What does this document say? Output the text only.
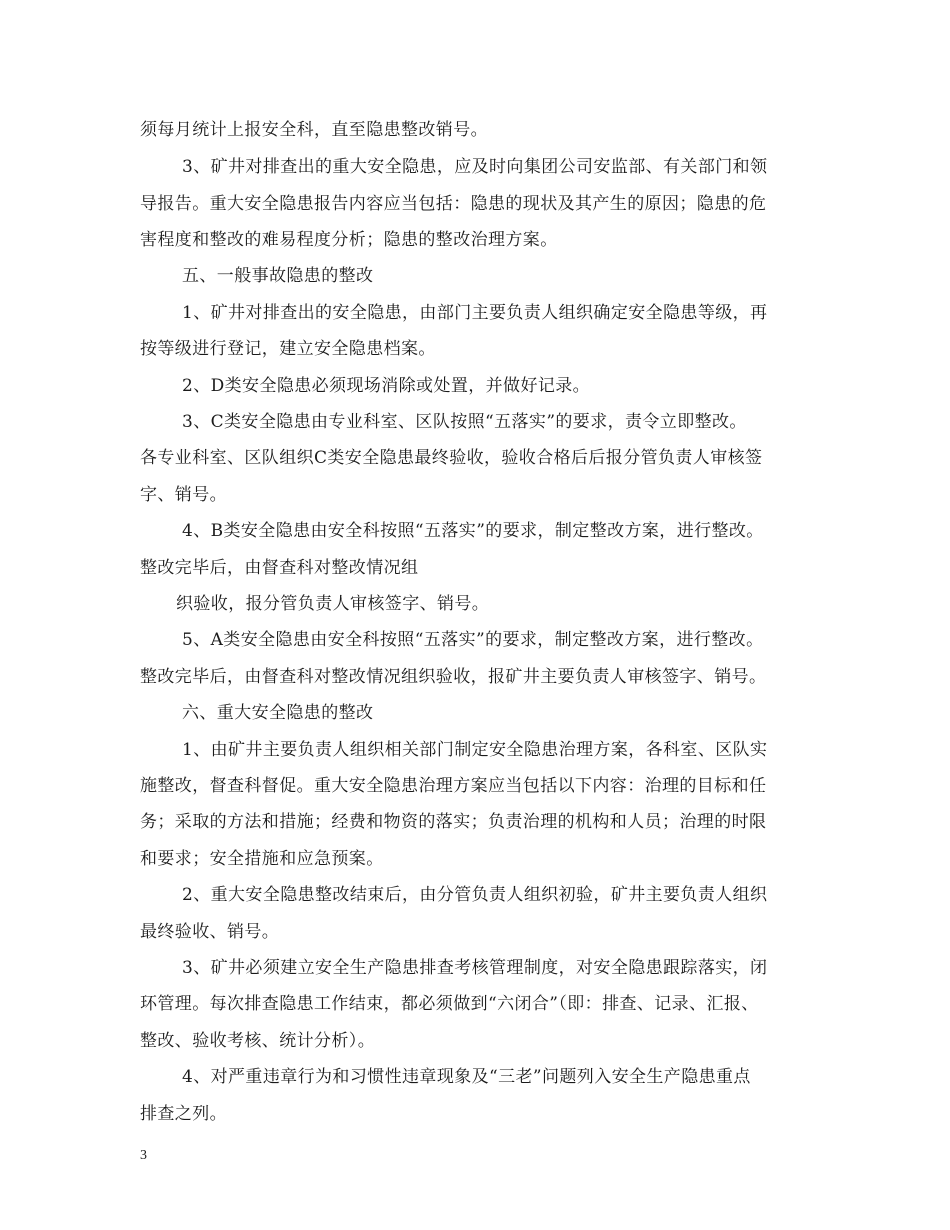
须每月统计上报安全科，直至隐患整改销号。
3、矿井对排查出的重大安全隐患，应及时向集团公司安监部、有关部门和领
导报告。重大安全隐患报告内容应当包括：隐患的现状及其产生的原因；隐患的危
害程度和整改的难易程度分析；隐患的整改治理方案。
五、一般事故隐患的整改
1、矿井对排查出的安全隐患，由部门主要负责人组织确定安全隐患等级，再
按等级进行登记，建立安全隐患档案。
2、D类安全隐患必须现场消除或处置，并做好记录。
3、C类安全隐患由专业科室、区队按照“五落实”的要求，责令立即整改。
各专业科室、区队组织C类安全隐患最终验收，验收合格后后报分管负责人审核签
字、销号。
4、B类安全隐患由安全科按照“五落实”的要求，制定整改方案，进行整改。
整改完毕后，由督查科对整改情况组
织验收，报分管负责人审核签字、销号。
5、A类安全隐患由安全科按照“五落实”的要求，制定整改方案，进行整改。
整改完毕后，由督查科对整改情况组织验收，报矿井主要负责人审核签字、销号。
六、重大安全隐患的整改
1、由矿井主要负责人组织相关部门制定安全隐患治理方案，各科室、区队实
施整改，督查科督促。重大安全隐患治理方案应当包括以下内容：治理的目标和任
务；采取的方法和措施；经费和物资的落实；负责治理的机构和人员；治理的时限
和要求；安全措施和应急预案。
2、重大安全隐患整改结束后，由分管负责人组织初验，矿井主要负责人组织
最终验收、销号。
3、矿井必须建立安全生产隐患排查考核管理制度，对安全隐患跟踪落实，闭
环管理。每次排查隐患工作结束，都必须做到“六闭合”（即：排查、记录、汇报、
整改、验收考核、统计分析）。
4、对严重违章行为和习惯性违章现象及“三老”问题列入安全生产隐患重点
排查之列。
3
